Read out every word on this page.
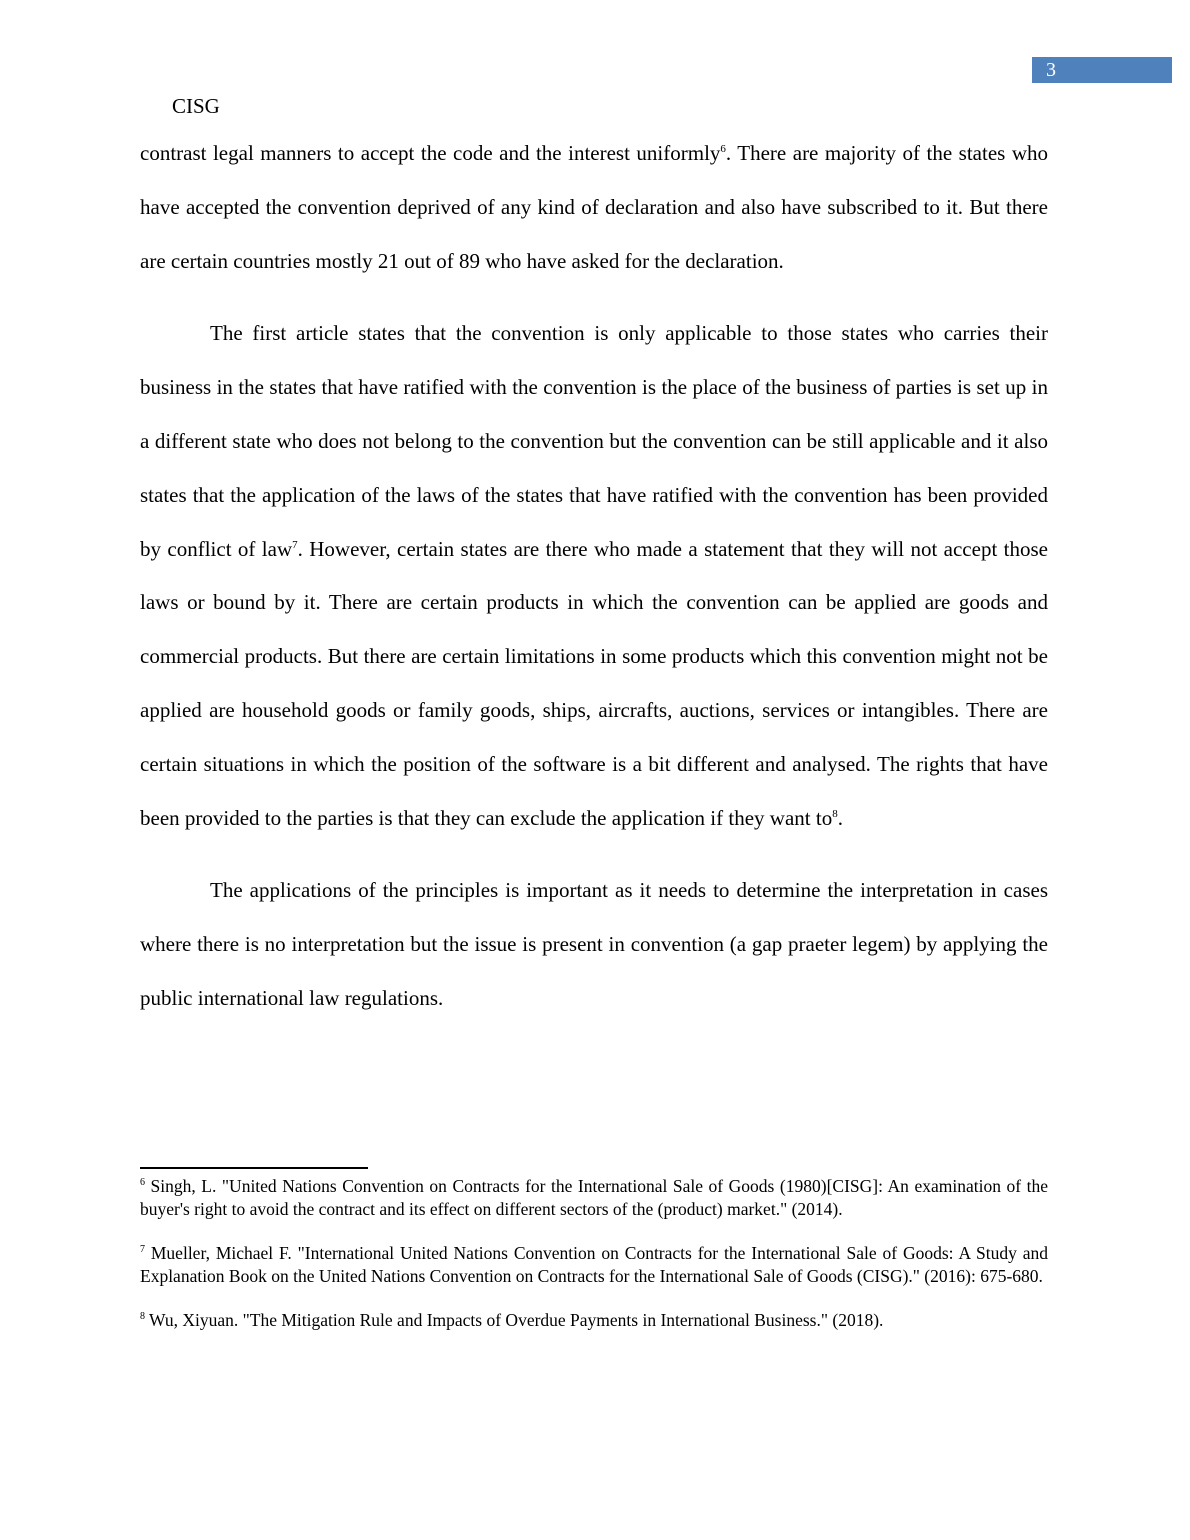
3
CISG

contrast legal manners to accept the code and the interest uniformly$^6$. There are majority of the states who have accepted the convention deprived of any kind of declaration and also have subscribed to it. But there are certain countries mostly 21 out of 89 who have asked for the declaration.

The first article states that the convention is only applicable to those states who carries their business in the states that have ratified with the convention is the place of the business of parties is set up in a different state who does not belong to the convention but the convention can be still applicable and it also states that the application of the laws of the states that have ratified with the convention has been provided by conflict of law$^7$. However, certain states are there who made a statement that they will not accept those laws or bound by it. There are certain products in which the convention can be applied are goods and commercial products. But there are certain limitations in some products which this convention might not be applied are household goods or family goods, ships, aircrafts, auctions, services or intangibles. There are certain situations in which the position of the software is a bit different and analysed. The rights that have been provided to the parties is that they can exclude the application if they want $to^8$.

The applications of the principles is important as it needs to determine the interpretation in cases where there is no interpretation but the issue is present in convention (a gap praeter legem) by applying the public international law regulations.

$^6$ Singh, L. "United Nations Convention on Contracts for the International Sale of Goods (1980)[CISG]: An examination of the buyer's right to avoid the contract and its effect on different sectors of the (product) market." (2014).

$^7$ Mueller, Michael F. "International United Nations Convention on Contracts for the International Sale of Goods: A Study and Explanation Book on the United Nations Convention on Contracts for the International Sale of Goods (CISG)." (2016): 675-680.

$^8$ Wu, Xiyuan. "The Mitigation Rule and Impacts of Overdue Payments in International Business." (2018).
